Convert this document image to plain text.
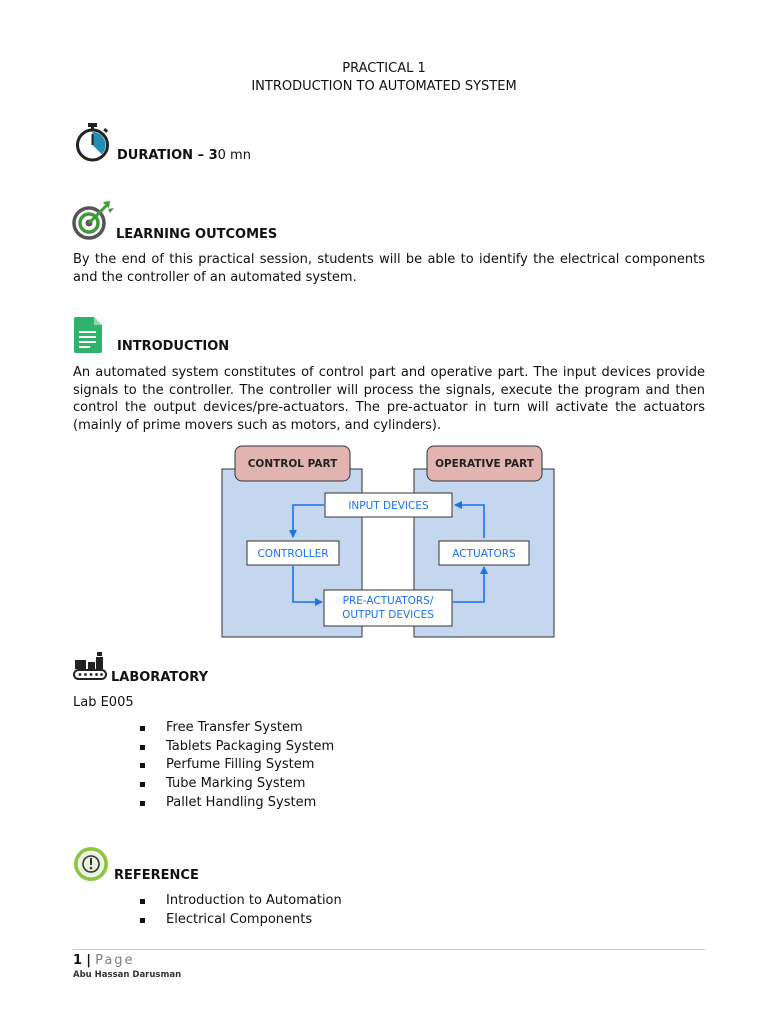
PRACTICAL 1
INTRODUCTION TO AUTOMATED SYSTEM
DURATION – 30 mn
LEARNING OUTCOMES
By the end of this practical session, students will be able to identify the electrical components and the controller of an automated system.
INTRODUCTION
An automated system constitutes of control part and operative part. The input devices provide signals to the controller. The controller will process the signals, execute the program and then control the output devices/pre-actuators. The pre-actuator in turn will activate the actuators (mainly of prime movers such as motors, and cylinders).
CONTROL PART	OPERATIVE PART
INPUT DEVICES
CONTROLLER	ACTUATORS
PRE-ACTUATORS/
OUTPUT DEVICES
LABORATORY
Lab E005
Free Transfer System
Tablets Packaging System
Perfume Filling System
Tube Marking System
Pallet Handling System
REFERENCE
Introduction to Automation
Electrical Components
1 | Page
Abu Hassan Darusman
